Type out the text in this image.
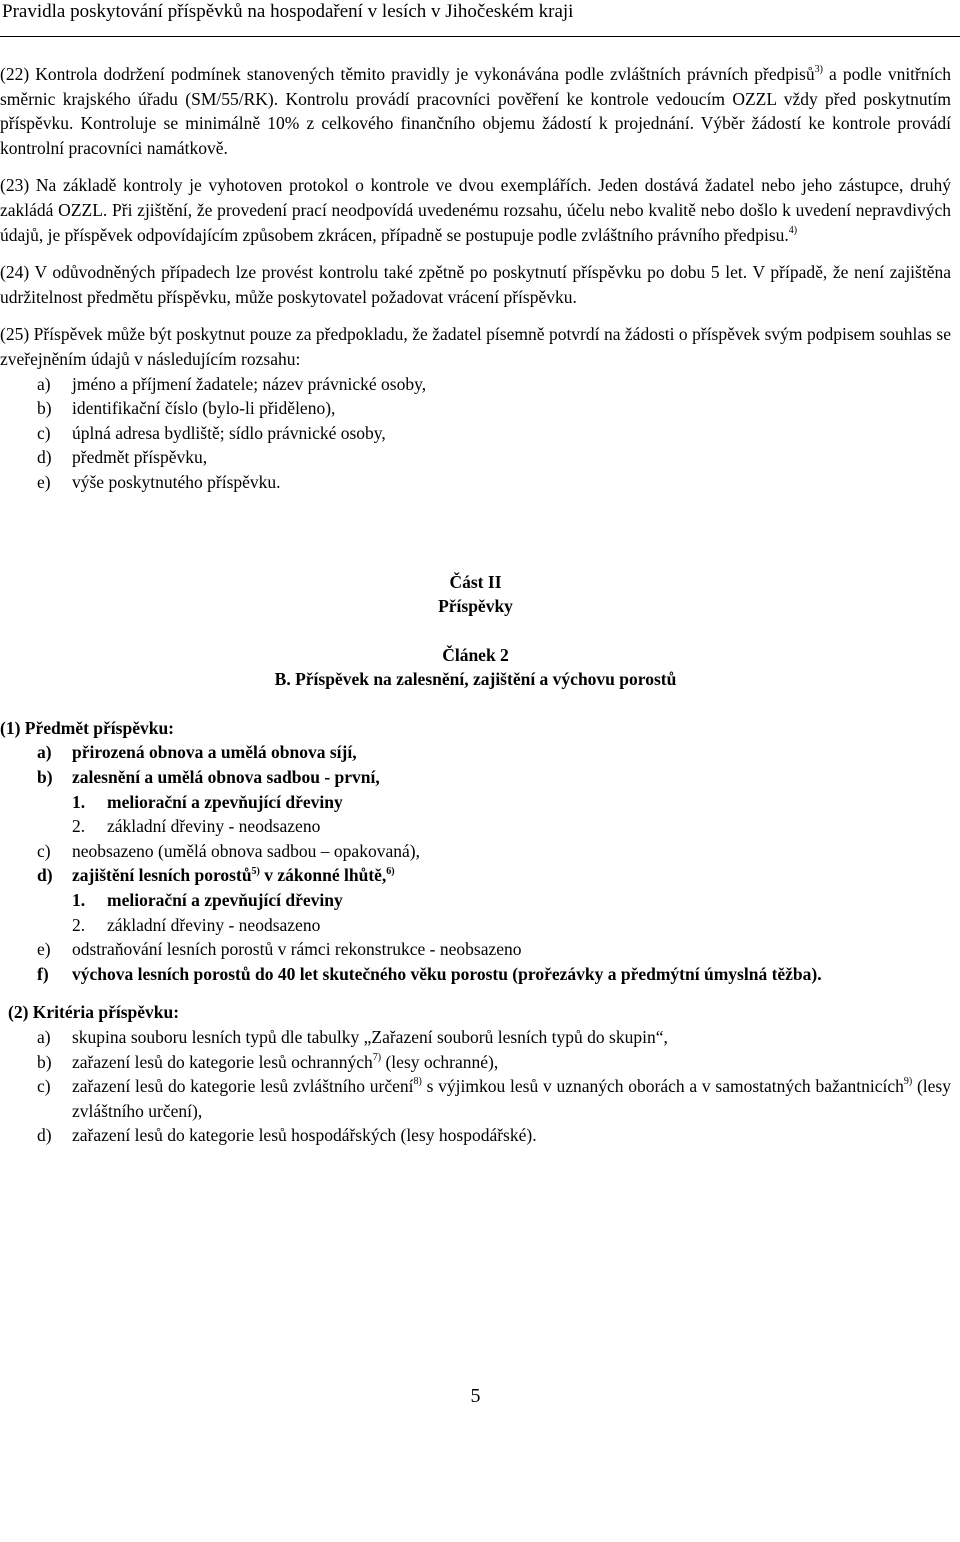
Pravidla poskytování příspěvků na hospodaření v lesích v Jihočeském kraji

(22) Kontrola dodržení podmínek stanovených těmito pravidly je vykonávána podle zvláštních právních předpisů$^{3)}$ a podle vnitřních směrnic krajského úřadu (SM/55/RK). Kontrolu provádí pracovníci pověření ke kontrole vedoucím OZZL vždy před poskytnutím příspěvku. Kontroluje se minimálně 10% z celkového finančního objemu žádostí k projednání. Výběr žádostí ke kontrole provádí kontrolní pracovníci namátkově.

(23) Na základě kontroly je vyhotoven protokol o kontrole ve dvou exemplářích. Jeden dostává žadatel nebo jeho zástupce, druhý zakládá OZZL. Při zjištění, že provedení prací neodpovídá uvedenému rozsahu, účelu nebo kvalitě nebo došlo k uvedení nepravdivých údajů, je příspěvek odpovídajícím způsobem zkrácen, případně se postupuje podle zvláštního právního předpisu.$^{4)}$

(24) V odůvodněných případech lze provést kontrolu také zpětně po poskytnutí příspěvku po dobu 5 let. V případě, že není zajištěna udržitelnost předmětu příspěvku, může poskytovatel požadovat vrácení příspěvku.

(25) Příspěvek může být poskytnut pouze za předpokladu, že žadatel písemně potvrdí na žádosti o příspěvek svým podpisem souhlas se zveřejněním údajů v následujícím rozsahu:

a) jméno a příjmení žadatele; název právnické osoby,
b) identifikační číslo (bylo-li přiděleno),
c) úplná adresa bydliště; sídlo právnické osoby,
d) předmět příspěvku,
e) výše poskytnutého příspěvku.
Část II
Příspěvky
Článek 2
B. Příspěvek na zalesnění, zajištění a výchovu porostů
(1) Předmět příspěvku:
a) přirozená obnova a umělá obnova síjí,
b) zalesnění a umělá obnova sadbou - první,
1. meliorační a zpevňující dřeviny
2. základní dřeviny - neodsazeno
c) neobsazeno (umělá obnova sadbou – opakovaná),
d) zajištění lesních porostů$^{5)}$ v zákonné lhůtě,$^{6)}$
1. meliorační a zpevňující dřeviny
2. základní dřeviny - neodsazeno
e) odstraňování lesních porostů v rámci rekonstrukce - neobsazeno
f) výchova lesních porostů do 40 let skutečného věku porostu (prořezávky a předmýtní úmyslná těžba).
(2) Kritéria příspěvku:
a) skupina souboru lesních typů dle tabulky „Zařazení souborů lesních typů do skupin“,
b) zařazení lesů do kategorie lesů ochranných$^{7)}$ (lesy ochranné),
c) zařazení lesů do kategorie lesů zvláštního určení$^{8)}$ s výjimkou lesů v uznaných oborách a v samostatných bažantnicích$^{9)}$ (lesy zvláštního určení),
d) zařazení lesů do kategorie lesů hospodářských (lesy hospodářské).
5
